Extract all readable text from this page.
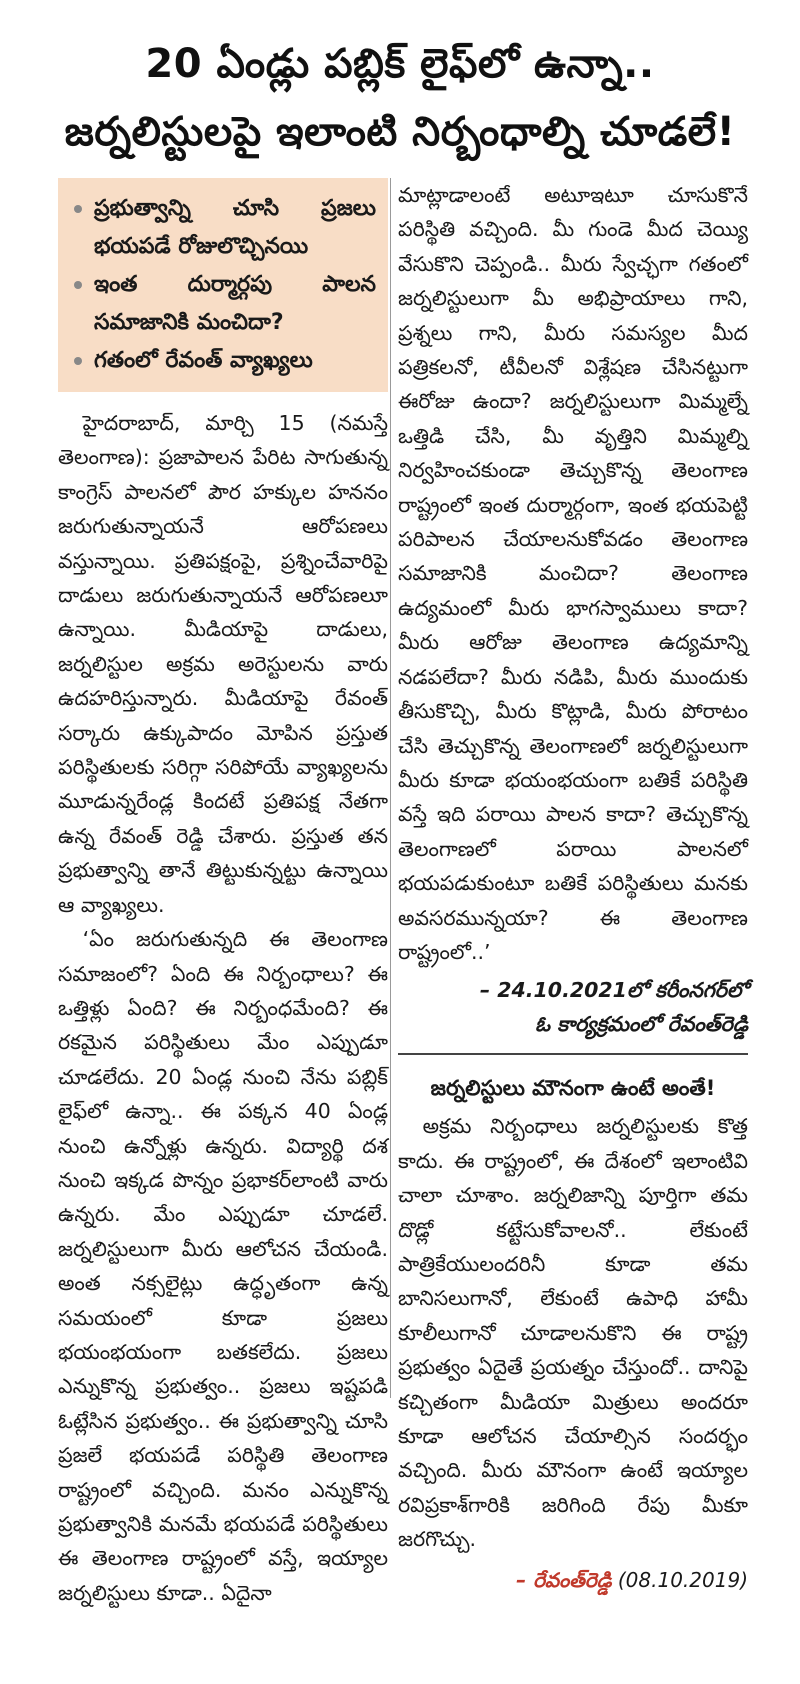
20 ఏండ్లు పబ్లిక్ లైఫ్‌లో ఉన్నా..
జర్నలిస్టులపై ఇలాంటి నిర్బంధాల్ని చూడలే!
ప్రభుత్వాన్ని చూసి ప్రజలు భయపడే రోజులొచ్చినయి
ఇంత దుర్మార్గపు పాలన సమాజానికి మంచిదా?
గతంలో రేవంత్ వ్యాఖ్యలు

హైదరాబాద్, మార్చి 15 (నమస్తే తెలంగాణ): ప్రజాపాలన పేరిట సాగుతున్న కాంగ్రెస్ పాలనలో పౌర హక్కుల హననం జరుగుతున్నాయనే ఆరోపణలు వస్తున్నాయి. ప్రతిపక్షంపై, ప్రశ్నించేవారిపై దాడులు జరుగుతున్నాయనే ఆరోపణలూ ఉన్నాయి. మీడియాపై దాడులు, జర్నలిస్టుల అక్రమ అరెస్టులను వారు ఉదహరిస్తున్నారు. మీడియాపై రేవంత్ సర్కారు ఉక్కుపాదం మోపిన ప్రస్తుత పరిస్థితులకు సరిగ్గా సరిపోయే వ్యాఖ్యలను మూడున్నరేండ్ల కిందటే ప్రతిపక్ష నేతగా ఉన్న రేవంత్ రెడ్డి చేశారు. ప్రస్తుత తన ప్రభుత్వాన్ని తానే తిట్టుకున్నట్టు ఉన్నాయి ఆ వ్యాఖ్యలు.

‘ఏం జరుగుతున్నది ఈ తెలంగాణ సమాజంలో? ఏంది ఈ నిర్బంధాలు? ఈ ఒత్తిళ్లు ఏంది? ఈ నిర్బంధమేంది? ఈ రకమైన పరిస్థితులు మేం ఎప్పుడూ చూడలేదు. 20 ఏండ్ల నుంచి నేను పబ్లిక్ లైఫ్‌లో ఉన్నా.. ఈ పక్కన 40 ఏండ్ల నుంచి ఉన్నోళ్లు ఉన్నరు. విద్యార్థి దశ నుంచి ఇక్కడ పొన్నం ప్రభాకర్‌లాంటి వారు ఉన్నరు. మేం ఎప్పుడూ చూడలే. జర్నలిస్టులుగా మీరు ఆలోచన చేయండి. అంత నక్సలైట్లు ఉద్ధృతంగా ఉన్న సమయంలో కూడా ప్రజలు భయంభయంగా బతకలేదు. ప్రజలు ఎన్నుకొన్న ప్రభుత్వం.. ప్రజలు ఇష్టపడి ఓట్లేసిన ప్రభుత్వం.. ఈ ప్రభుత్వాన్ని చూసి ప్రజలే భయపడే పరిస్థితి తెలంగాణ రాష్ట్రంలో వచ్చింది. మనం ఎన్నుకొన్న ప్రభుత్వానికి మనమే భయపడే పరిస్థితులు ఈ తెలంగాణ రాష్ట్రంలో వస్తే, ఇయ్యాల జర్నలిస్టులు కూడా.. ఏదైనా

మాట్లాడాలంటే అటూఇటూ చూసుకొనే పరిస్థితి వచ్చింది. మీ గుండె మీద చెయ్యి వేసుకొని చెప్పండి.. మీరు స్వేచ్ఛగా గతంలో జర్నలిస్టులుగా మీ అభిప్రాయాలు గాని, ప్రశ్నలు గాని, మీరు సమస్యల మీద పత్రికలనో, టీవీలనో విశ్లేషణ చేసినట్టుగా ఈరోజు ఉందా? జర్నలిస్టులుగా మిమ్మల్నే ఒత్తిడి చేసి, మీ వృత్తిని మిమ్మల్ని నిర్వహించకుండా తెచ్చుకొన్న తెలంగాణ రాష్ట్రంలో ఇంత దుర్మార్గంగా, ఇంత భయపెట్టి పరిపాలన చేయాలనుకోవడం తెలంగాణ సమాజానికి మంచిదా? తెలంగాణ ఉద్యమంలో మీరు భాగస్వాములు కాదా? మీరు ఆరోజు తెలంగాణ ఉద్యమాన్ని నడపలేదా? మీరు నడిపి, మీరు ముందుకు తీసుకొచ్చి, మీరు కొట్లాడి, మీరు పోరాటం చేసి తెచ్చుకొన్న తెలంగాణలో జర్నలిస్టులుగా మీరు కూడా భయంభయంగా బతికే పరిస్థితి వస్తే ఇది పరాయి పాలన కాదా? తెచ్చుకొన్న తెలంగాణలో పరాయి పాలనలో భయపడుకుంటూ బతికే పరిస్థితులు మనకు అవసరమున్నయా? ఈ తెలంగాణ రాష్ట్రంలో..’

– 24.10.2021లో కరీంనగర్‌లో
ఓ కార్యక్రమంలో రేవంత్‌రెడ్డి
జర్నలిస్టులు మౌనంగా ఉంటే అంతే!

అక్రమ నిర్బంధాలు జర్నలిస్టులకు కొత్త కాదు. ఈ రాష్ట్రంలో, ఈ దేశంలో ఇలాంటివి చాలా చూశాం. జర్నలిజాన్ని పూర్తిగా తమ దొడ్లో కట్టేసుకోవాలనో.. లేకుంటే పాత్రికేయులందరినీ కూడా తమ బానిసలుగానో, లేకుంటే ఉపాధి హామీ కూలీలుగానో చూడాలనుకొని ఈ రాష్ట్ర ప్రభుత్వం ఏదైతే ప్రయత్నం చేస్తుందో.. దానిపై కచ్చితంగా మీడియా మిత్రులు అందరూ కూడా ఆలోచన చేయాల్సిన సందర్భం వచ్చింది. మీరు మౌనంగా ఉంటే ఇయ్యాల రవిప్రకాశ్‌గారికి జరిగింది రేపు మీకూ జరగొచ్చు.

– రేవంత్‌రెడ్డి (08.10.2019)
